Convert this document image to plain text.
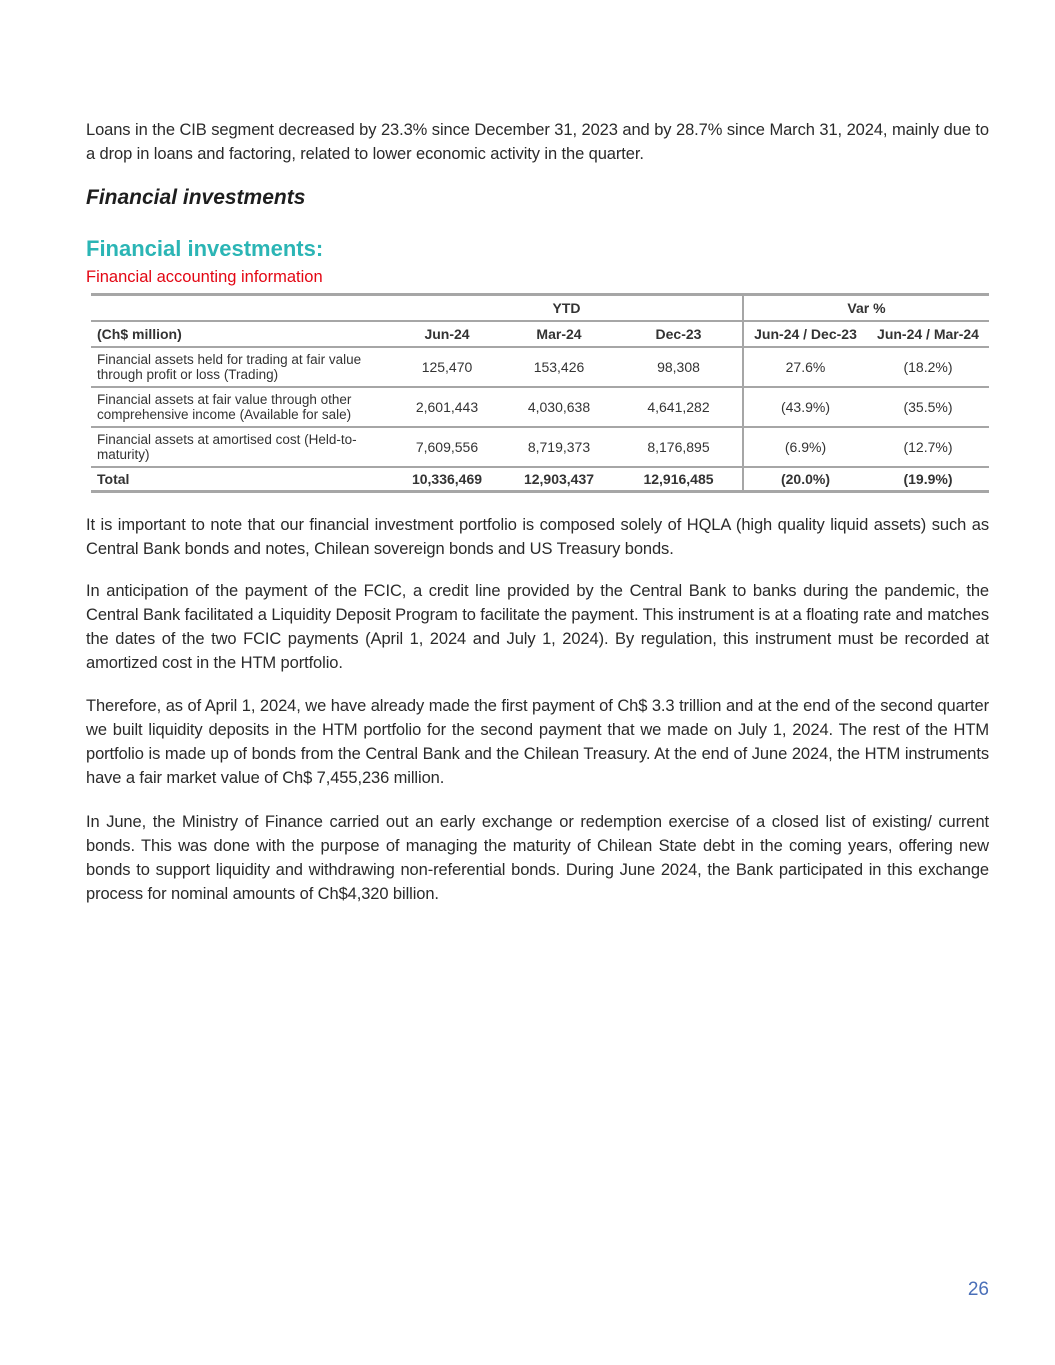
Loans in the CIB segment decreased by 23.3% since December 31, 2023 and by 28.7% since March 31, 2024, mainly due to a drop in loans and factoring, related to lower economic activity in the quarter.

Financial investments
Financial investments:
Financial accounting information
	YTD			Var %	
(Ch$ million)	Jun-24	Mar-24	Dec-23	Jun-24 / Dec-23	Jun-24 / Mar-24
Financial assets held for trading at fair value through profit or loss (Trading)	125,470	153,426	98,308	27.6%	(18.2%)
Financial assets at fair value through other comprehensive income (Available for sale)	2,601,443	4,030,638	4,641,282	(43.9%)	(35.5%)
Financial assets at amortised cost (Held-to-maturity)	7,609,556	8,719,373	8,176,895	(6.9%)	(12.7%)
Total	10,336,469	12,903,437	12,916,485	(20.0%)	(19.9%)

It is important to note that our financial investment portfolio is composed solely of HQLA (high quality liquid assets) such as Central Bank bonds and notes, Chilean sovereign bonds and US Treasury bonds.

In anticipation of the payment of the FCIC, a credit line provided by the Central Bank to banks during the pandemic, the Central Bank facilitated a Liquidity Deposit Program to facilitate the payment. This instrument is at a floating rate and matches the dates of the two FCIC payments (April 1, 2024 and July 1, 2024). By regulation, this instrument must be recorded at amortized cost in the HTM portfolio.

Therefore, as of April 1, 2024, we have already made the first payment of Ch$ 3.3 trillion and at the end of the second quarter we built liquidity deposits in the HTM portfolio for the second payment that we made on July 1, 2024. The rest of the HTM portfolio is made up of bonds from the Central Bank and the Chilean Treasury. At the end of June 2024, the HTM instruments have a fair market value of Ch$ 7,455,236 million.

In June, the Ministry of Finance carried out an early exchange or redemption exercise of a closed list of existing/ current bonds. This was done with the purpose of managing the maturity of Chilean State debt in the coming years, offering new bonds to support liquidity and withdrawing non-referential bonds. During June 2024, the Bank participated in this exchange process for nominal amounts of Ch$4,320 billion.

26
